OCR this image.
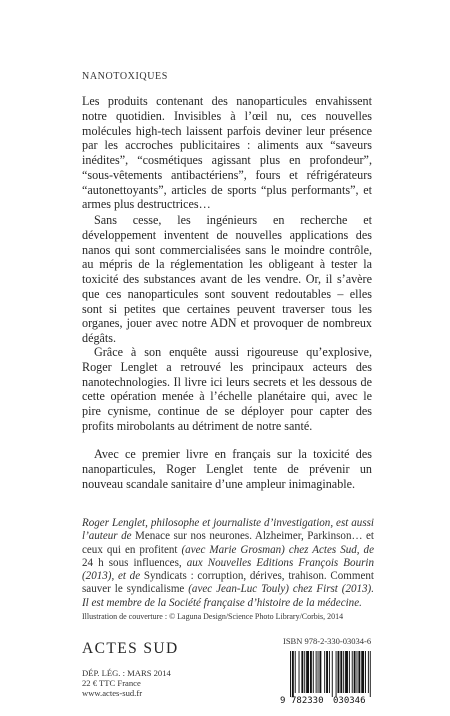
NANOTOXIQUES

Les produits contenant des nanoparticules envahissent notre quotidien. Invisibles à l’œil nu, ces nouvelles molécules high-tech laissent parfois deviner leur présence par les accroches publicitaires : aliments aux “saveurs inédites”, “cosmétiques agissant plus en profondeur”, “sous-vêtements antibactériens”, fours et réfrigérateurs “autonettoyants”, articles de sports “plus performants”, et armes plus destructrices…

Sans cesse, les ingénieurs en recherche et développement inventent de nouvelles applications des nanos qui sont commercialisées sans le moindre contrôle, au mépris de la réglementation les obligeant à tester la toxicité des substances avant de les vendre. Or, il s’avère que ces nanoparticules sont souvent redoutables – elles sont si petites que certaines peuvent traverser tous les organes, jouer avec notre ADN et provoquer de nombreux dégâts.

Grâce à son enquête aussi rigoureuse qu’explosive, Roger Lenglet a retrouvé les principaux acteurs des nanotechnologies. Il livre ici leurs secrets et les dessous de cette opération menée à l’échelle planétaire qui, avec le pire cynisme, continue de se déployer pour capter des profits mirobolants au détriment de notre santé.

Avec ce premier livre en français sur la toxicité des nanoparticules, Roger Lenglet tente de prévenir un nouveau scandale sanitaire d’une ampleur inimaginable.

Roger Lenglet, philosophe et journaliste d’investigation, est aussi l’auteur de Menace sur nos neurones. Alzheimer, Parkinson… et ceux qui en profitent (avec Marie Grosman) chez Actes Sud, de 24 h sous influences, aux Nouvelles Editions François Bourin (2013), et de Syndicats : corruption, dérives, trahison. Comment sauver le syndicalisme (avec Jean-Luc Touly) chez First (2013). Il est membre de la Société française d’histoire de la médecine.

Illustration de couverture : © Laguna Design/Science Photo Library/Corbis, 2014
ACTES SUD
DÉP. LÉG. : MARS 2014
22 € TTC France
www.actes-sud.fr
ISBN 978-2-330-03034-6
9 782330 030346
